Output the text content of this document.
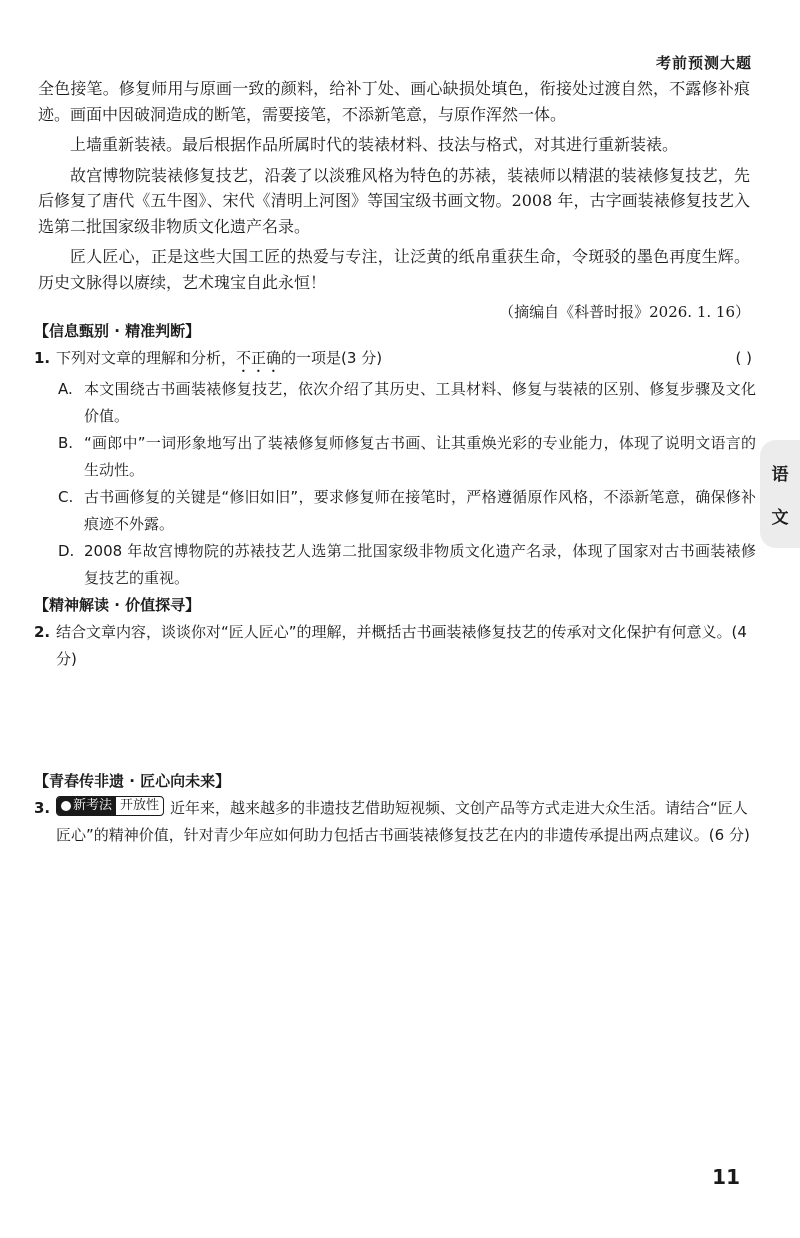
考前预测大题

全色接笔。修复师用与原画一致的颜料，给补丁处、画心缺损处填色，衔接处过渡自然，不露修补痕迹。画面中因破洞造成的断笔，需要接笔，不添新笔意，与原作浑然一体。

上墙重新装裱。最后根据作品所属时代的装裱材料、技法与格式，对其进行重新装裱。

故宫博物院装裱修复技艺，沿袭了以淡雅风格为特色的苏裱，装裱师以精湛的装裱修复技艺，先后修复了唐代《五牛图》、宋代《清明上河图》等国宝级书画文物。2008 年，古字画装裱修复技艺入选第二批国家级非物质文化遗产名录。

匠人匠心，正是这些大国工匠的热爱与专注，让泛黄的纸帛重获生命，令斑驳的墨色再度生辉。历史文脉得以赓续，艺术瑰宝自此永恒！

（摘编自《科普时报》2026. 1. 16）
【信息甄别 · 精准判断】
1. 下列对文章的理解和分析，不正确的一项是(3 分)	( )
A. 本文围绕古书画装裱修复技艺，依次介绍了其历史、工具材料、修复与装裱的区别、修复步骤及文化价值。
B. “画郎中”一词形象地写出了装裱修复师修复古书画、让其重焕光彩的专业能力，体现了说明文语言的生动性。
C. 古书画修复的关键是“修旧如旧”，要求修复师在接笔时，严格遵循原作风格，不添新笔意，确保修补痕迹不外露。
D. 2008 年故宫博物院的苏裱技艺人选第二批国家级非物质文化遗产名录，体现了国家对古书画装裱修复技艺的重视。
【精神解读 · 价值探寻】
2. 结合文章内容，谈谈你对“匠人匠心”的理解，并概括古书画装裱修复技艺的传承对文化保护有何意义。(4 分)
【青春传非遗 · 匠心向未来】
3. 新考法 开放性 近年来，越来越多的非遗技艺借助短视频、文创产品等方式走进大众生活。请结合“匠人匠心”的精神价值，针对青少年应如何助力包括古书画装裱修复技艺在内的非遗传承提出两点建议。(6 分)
语
文
11
